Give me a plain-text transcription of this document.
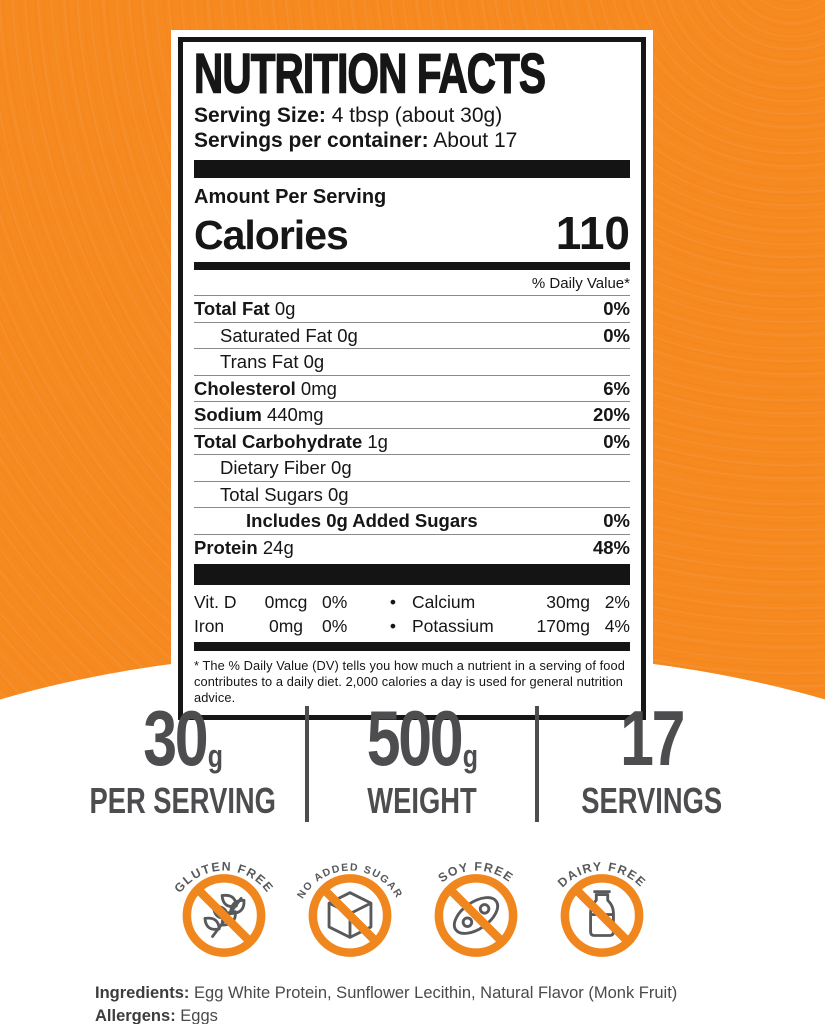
NUTRITION FACTS
Serving Size: 4 tbsp (about 30g)
Servings per container: About 17
Amount Per Serving
Calories	110
% Daily Value*
Total Fat 0g	0%
Saturated Fat 0g	0%
Trans Fat 0g
Cholesterol 0mg	6%
Sodium 440mg	20%
Total Carbohydrate 1g	0%
Dietary Fiber 0g
Total Sugars 0g
Includes 0g Added Sugars	0%
Protein 24g	48%
Vit. D	0mcg 0%	• Calcium	30mg 2%
Iron	0mg	0%	• Potassium	170mg 4%
* The % Daily Value (DV) tells you how much a nutrient in a serving of food contributes to a daily diet. 2,000 calories a day is used for general nutrition advice.
30g
PER SERVING
500g
WEIGHT
17
SERVINGS
GLUTEN FREE NO ADDED SUGAR
SOY FREE	DAIRY FREE
Ingredients: Egg White Protein, Sunflower Lecithin, Natural Flavor (Monk Fruit)
Allergens: Eggs
